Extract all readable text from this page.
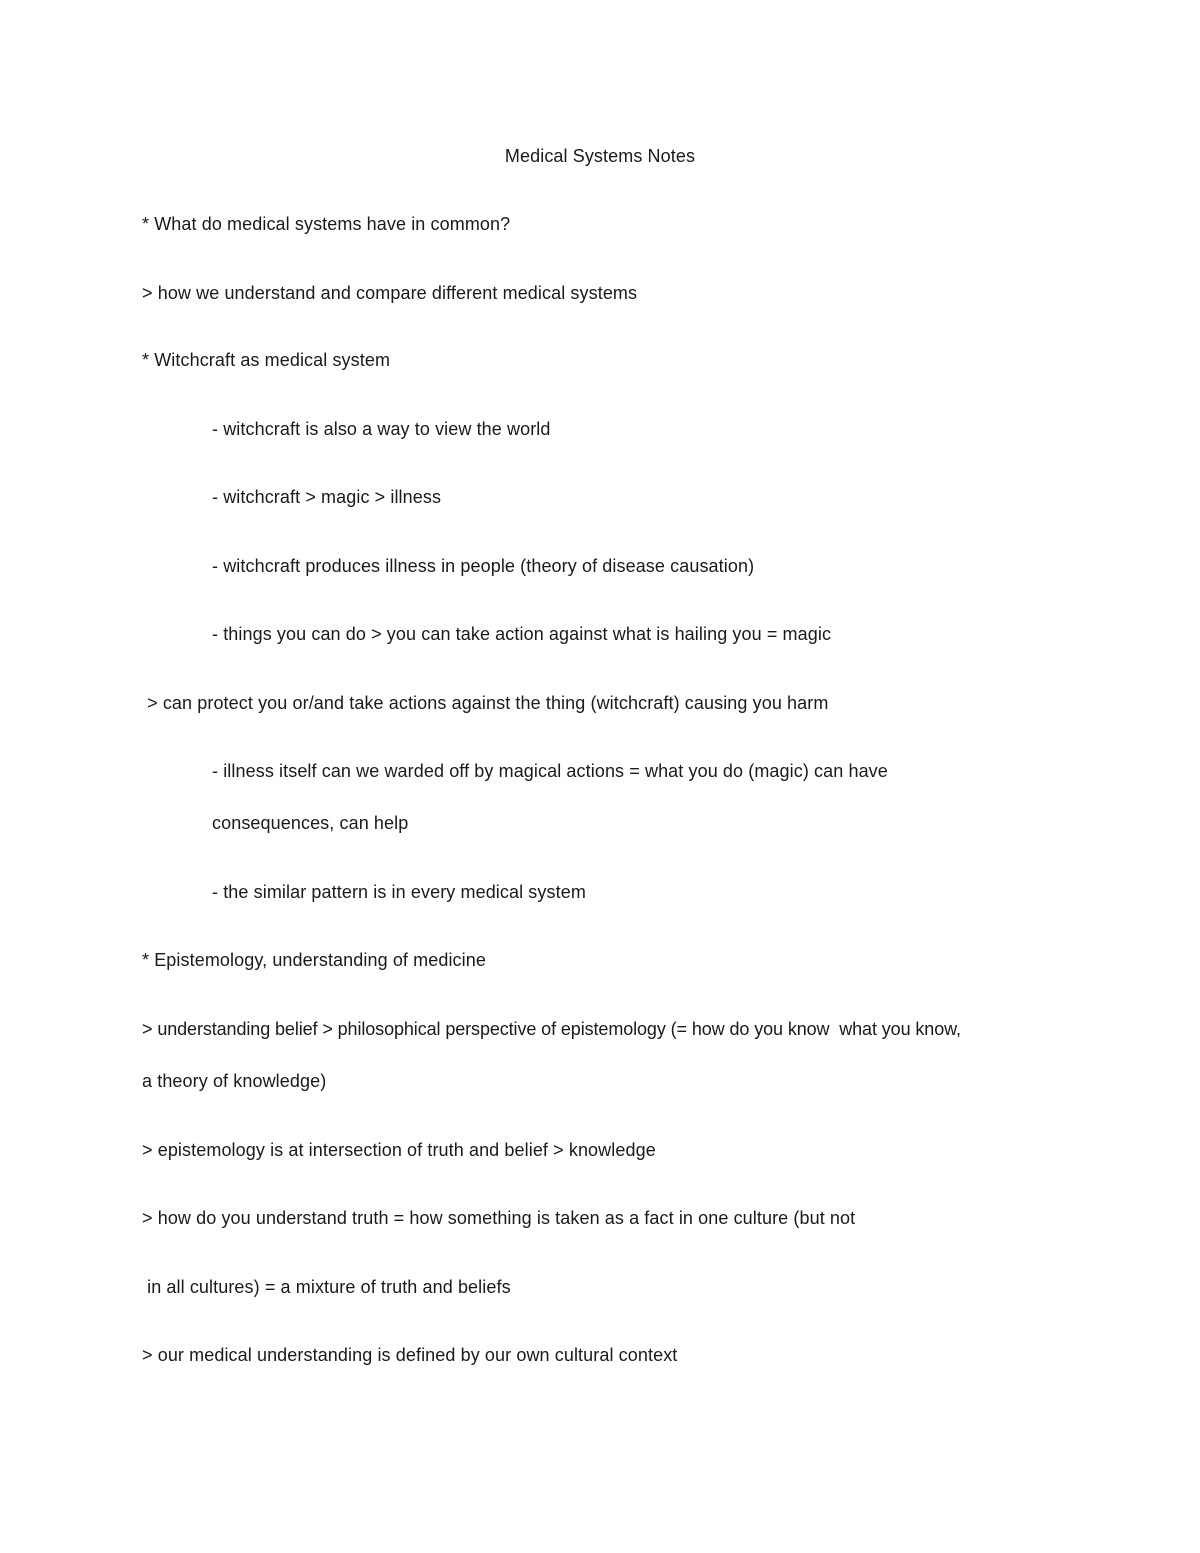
Medical Systems Notes
* What do medical systems have in common?
> how we understand and compare different medical systems
* Witchcraft as medical system
- witchcraft is also a way to view the world
- witchcraft > magic > illness
- witchcraft produces illness in people (theory of disease causation)
- things you can do > you can take action against what is hailing you = magic
> can protect you or/and take actions against the thing (witchcraft) causing you harm
- illness itself can we warded off by magical actions = what you do (magic) can have
consequences, can help
- the similar pattern is in every medical system
* Epistemology, understanding of medicine
> understanding belief > philosophical perspective of epistemology (= how do you know  what you know,
a theory of knowledge)
> epistemology is at intersection of truth and belief > knowledge
> how do you understand truth = how something is taken as a fact in one culture (but not
in all cultures) = a mixture of truth and beliefs
> our medical understanding is defined by our own cultural context
